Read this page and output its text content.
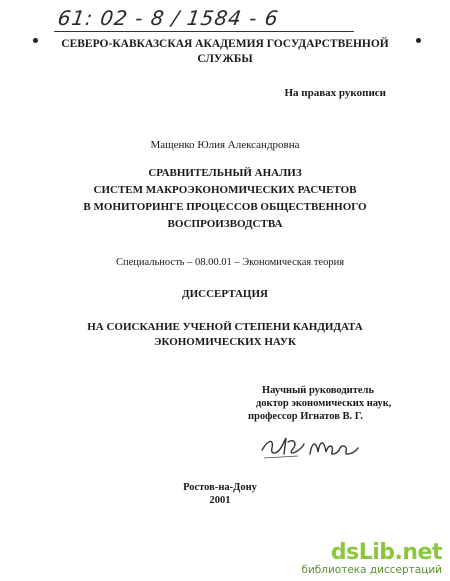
61: 02 - 8 / 1584 - 6
СЕВЕРО-КАВКАЗСКАЯ АКАДЕМИЯ ГОСУДАРСТВЕННОЙ
СЛУЖБЫ
На правах рукописи
Мащенко Юлия Александровна
СРАВНИТЕЛЬНЫЙ АНАЛИЗ
СИСТЕМ МАКРОЭКОНОМИЧЕСКИХ РАСЧЕТОВ
В МОНИТОРИНГЕ ПРОЦЕССОВ ОБЩЕСТВЕННОГО
ВОСПРОИЗВОДСТВА
Специальность – 08.00.01 – Экономическая теория
ДИССЕРТАЦИЯ
НА СОИСКАНИЕ УЧЕНОЙ СТЕПЕНИ КАНДИДАТА
ЭКОНОМИЧЕСКИХ НАУК
Научный руководитель
доктор экономических наук,
профессор Игнатов В. Г.
Ростов-на-Дону
2001
dsLib.net
библиотека диссертаций
